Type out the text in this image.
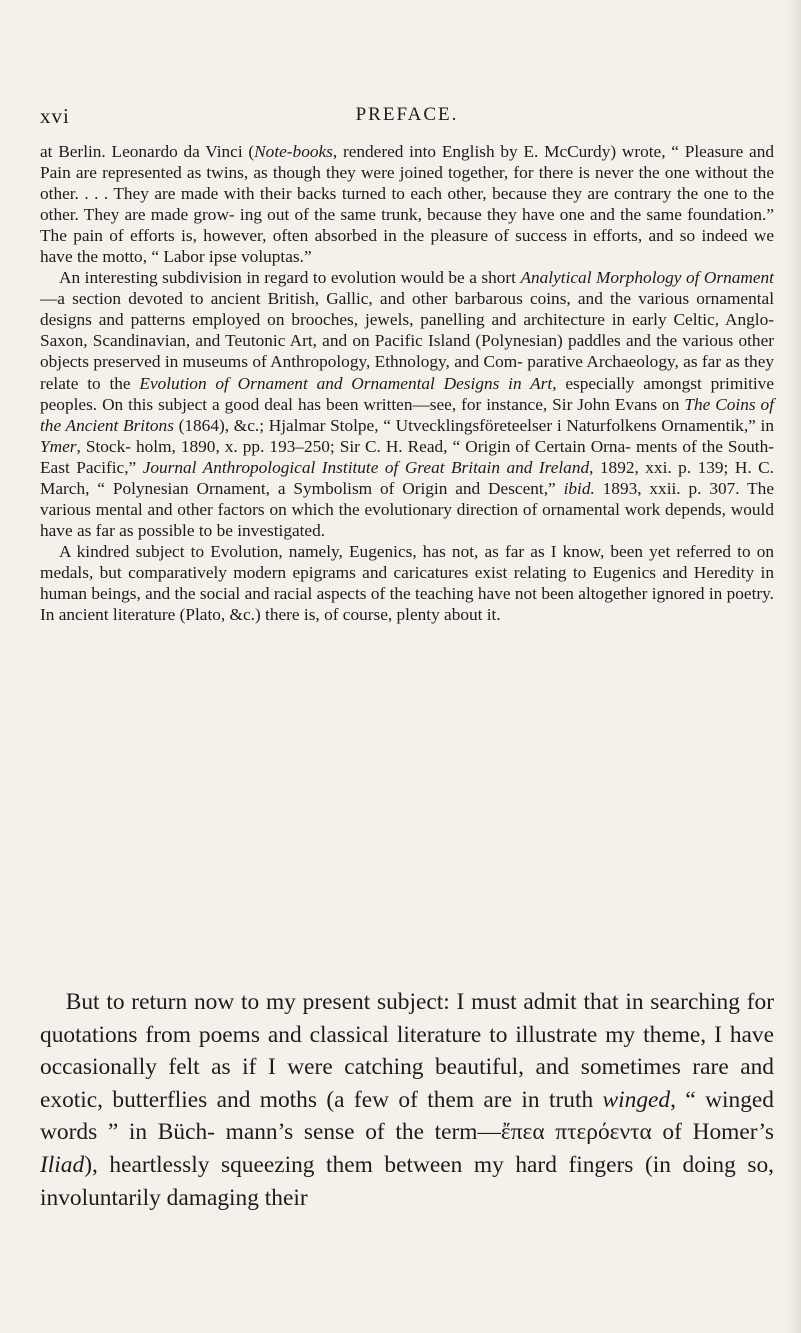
xvi	PREFACE.

at Berlin. Leonardo da Vinci (Note-books, rendered into English by E. McCurdy) wrote, “ Pleasure and Pain are represented as twins, as though they were joined together, for there is never the one without the other. . . . They are made with their backs turned to each other, because they are contrary the one to the other. They are made grow- ing out of the same trunk, because they have one and the same foundation.” The pain of efforts is, however, often absorbed in the pleasure of success in efforts, and so indeed we have the motto, “ Labor ipse voluptas.”

An interesting subdivision in regard to evolution would be a short Analytical Morphology of Ornament—a section devoted to ancient British, Gallic, and other barbarous coins, and the various ornamental designs and patterns employed on brooches, jewels, panelling and architecture in early Celtic, Anglo-Saxon, Scandinavian, and Teutonic Art, and on Pacific Island (Polynesian) paddles and the various other objects preserved in museums of Anthropology, Ethnology, and Com- parative Archaeology, as far as they relate to the Evolution of Ornament and Ornamental Designs in Art, especially amongst primitive peoples. On this subject a good deal has been written—see, for instance, Sir John Evans on The Coins of the Ancient Britons (1864), &c.; Hjalmar Stolpe, “ Utvecklingsföreteelser i Naturfolkens Ornamentik,” in Ymer, Stock- holm, 1890, x. pp. 193–250; Sir C. H. Read, “ Origin of Certain Orna- ments of the South-East Pacific,” Journal Anthropological Institute of Great Britain and Ireland, 1892, xxi. p. 139; H. C. March, “ Polynesian Ornament, a Symbolism of Origin and Descent,” ibid. 1893, xxii. p. 307. The various mental and other factors on which the evolutionary direction of ornamental work depends, would have as far as possible to be investigated.

A kindred subject to Evolution, namely, Eugenics, has not, as far as I know, been yet referred to on medals, but comparatively modern epigrams and caricatures exist relating to Eugenics and Heredity in human beings, and the social and racial aspects of the teaching have not been altogether ignored in poetry. In ancient literature (Plato, &c.) there is, of course, plenty about it.

But to return now to my present subject: I must admit that in searching for quotations from poems and classical literature to illustrate my theme, I have occasionally felt as if I were catching beautiful, and sometimes rare and exotic, butterflies and moths (a few of them are in truth winged, “ winged words ” in Büch- mann’s sense of the term—ἔπεα πτερόεντα of Homer’s Iliad), heartlessly squeezing them between my hard fingers (in doing so, involuntarily damaging their
